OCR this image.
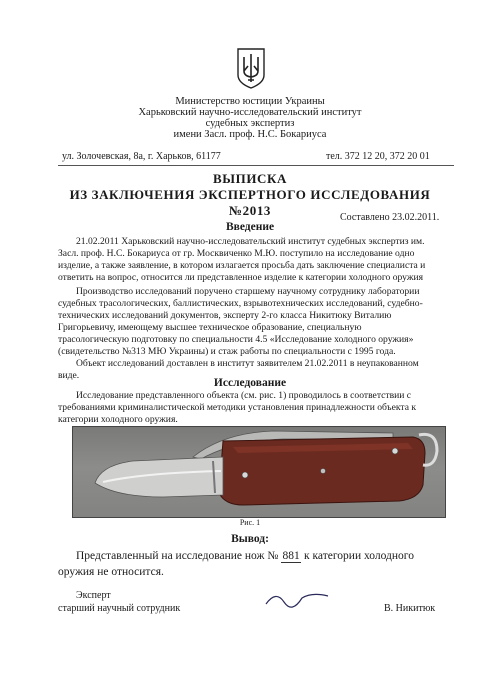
Министерство юстиции Украины
Харьковский научно-исследовательский институт
судебных экспертиз
имени Засл. проф. Н.С. Бокариуса
ул. Золочевская, 8а, г. Харьков, 61177	тел. 372 12 20, 372 20 01
ВЫПИСКА
ИЗ ЗАКЛЮЧЕНИЯ ЭКСПЕРТНОГО ИССЛЕДОВАНИЯ
№2013	Составлено 23.02.2011.
Введение
21.02.2011 Харьковский научно-исследовательский институт судебных экспертиз им.
Засл. проф. Н.С. Бокариуса от гр. Москвиченко М.Ю. поступило на исследование одно
изделие, а также заявление, в котором излагается просьба дать заключение специалиста и
ответить на вопрос, относится ли представленное изделие к категории холодного оружия
Производство исследований поручено старшему научному сотруднику лаборатории
судебных трасологических, баллистических, взрывотехнических исследований, судебно-
технических исследований документов, эксперту 2-го класса Никитюку Виталию
Григорьевичу, имеющему высшее техническое образование, специальную
трасологическую подготовку по специальности 4.5 «Исследование холодного оружия»
(свидетельство №313 МЮ Украины) и стаж работы по специальности с 1995 года.
Объект исследований доставлен в институт заявителем 21.02.2011 в неупакованном
виде.
Исследование
Исследование представленного объекта (см. рис. 1) проводилось в соответствии с
требованиями криминалистической методики установления принадлежности объекта к
категории холодного оружия.
Рис. 1
Вывод:
Представленный на исследование нож № 881 к категории холодного
оружия не относится.
Эксперт
старший научный сотрудник	В. Никитюк
